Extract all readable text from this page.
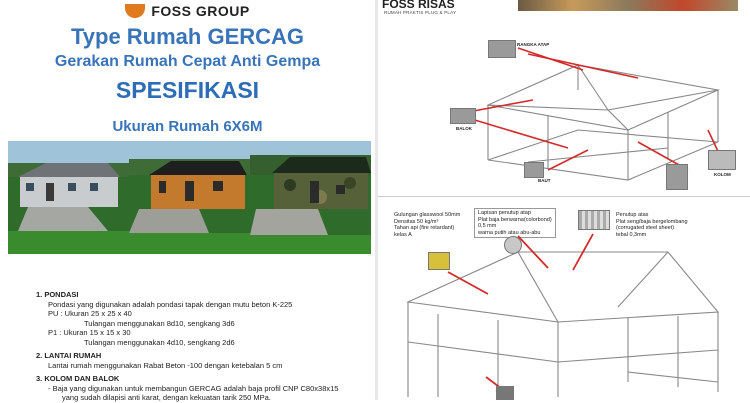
FOSS GROUP
Type Rumah GERCAG
Gerakan Rumah Cepat Anti Gempa
SPESIFIKASI
Ukuran Rumah 6X6M
1. PONDASI
Pondasi yang digunakan adalah pondasi tapak dengan mutu beton K-225
PU : Ukuran 25 x 25 x 40
Tulangan menggunakan 8d10, sengkang 3d6
P1 : Ukuran 15 x 15 x 30
Tulangan menggunakan 4d10, sengkang 2d6
2. LANTAI RUMAH
Lantai rumah menggunakan Rabat Beton -100 dengan ketebalan 5 cm
3. KOLOM DAN BALOK
- Baja yang digunakan untuk membangun GERCAG adalah baja profil CNP C80x38x15
yang sudah dilapisi anti karat, dengan kekuatan tarik 250 MPa.
FOSS RISAS
RUMAH PRAKTIS PLUG & PLAY
RANGKA ATAP
BALOK
BAUT
KOLOM
Gulungan glasswool 50mm
Densitas 50 kg/m³
Tahan api (fire retardant)
kelas A
Lapisan penutup atap
Plat baja berwarna(colorbond)
0,5 mm
warna putih atau abu-abu
Penutup atas
Plat seng/baja bergelombang
(corrugated steel sheet)
tebal 0,3mm
